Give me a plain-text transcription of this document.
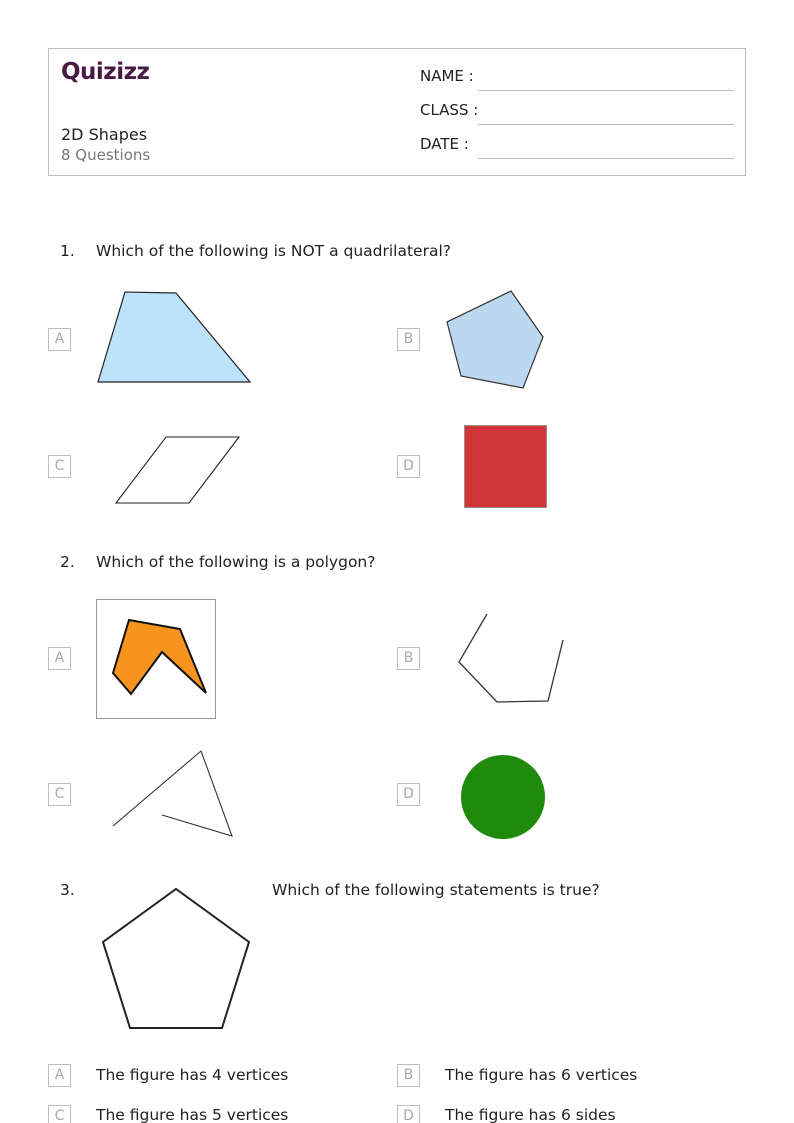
Quizizz
2D Shapes
8 Questions
NAME :
CLASS :
DATE :
1. Which of the following is NOT a quadrilateral?
A	B
C	D
2. Which of the following is a polygon?
A	B
C	D
3.	Which of the following statements is true?
A	The figure has 4 vertices	B	The figure has 6 vertices
C	The figure has 5 vertices	D	The figure has 6 sides
